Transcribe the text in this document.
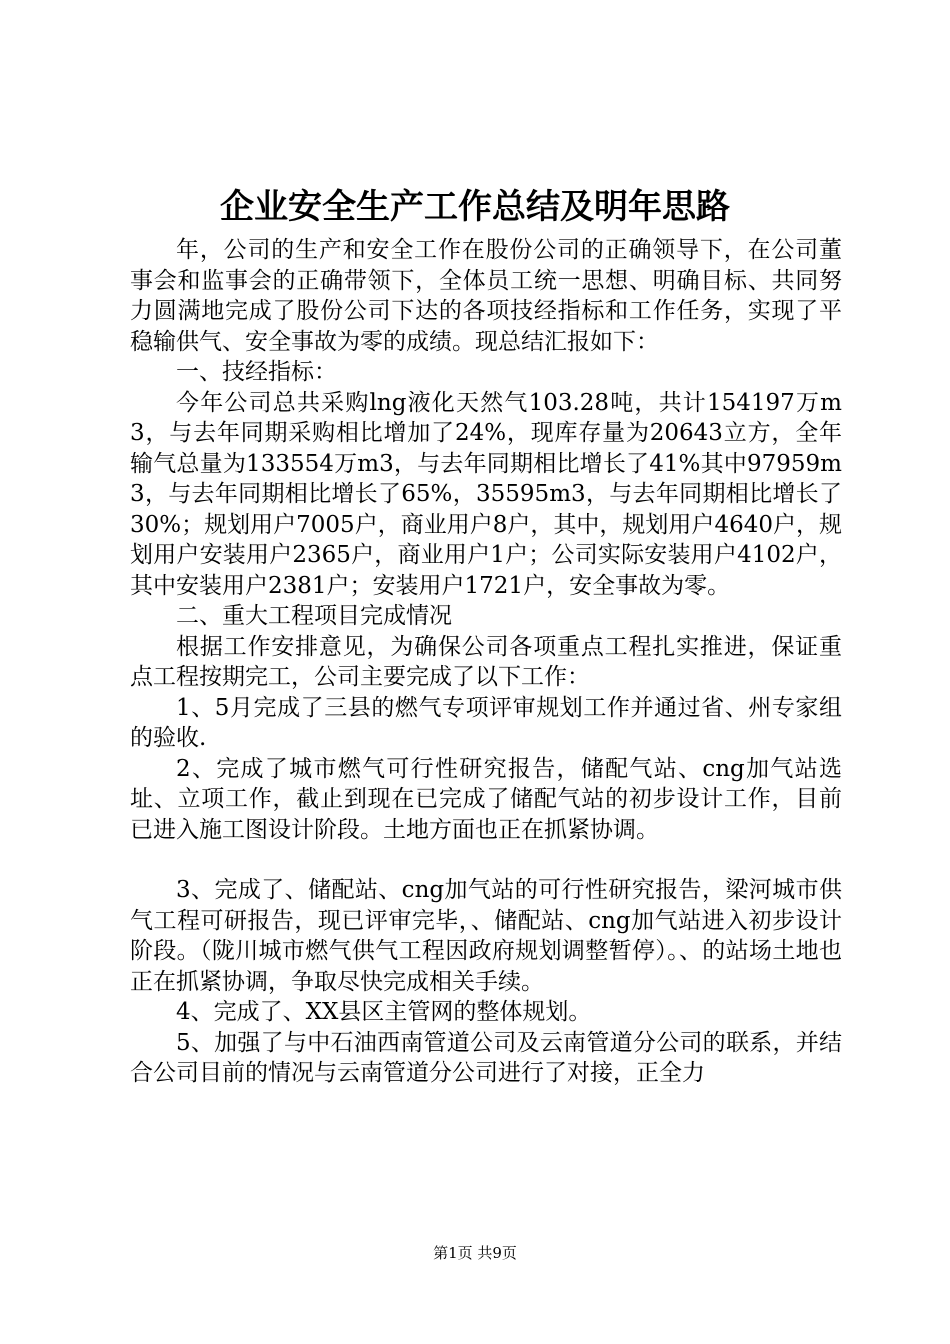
企业安全生产工作总结及明年思路

年，公司的生产和安全工作在股份公司的正确领导下，在公司董事会和监事会的正确带领下，全体员工统一思想、明确目标、共同努力圆满地完成了股份公司下达的各项技经指标和工作任务，实现了平稳输供气、安全事故为零的成绩。现总结汇报如下：

一、技经指标：

今年公司总共采购lng液化天然气103.28吨，共计154197万m3，与去年同期采购相比增加了24%，现库存量为20643立方，全年输气总量为133554万m3，与去年同期相比增长了41%其中97959m3，与去年同期相比增长了65%，35595m3，与去年同期相比增长了30%；规划用户7005户，商业用户8户，其中，规划用户4640户，规划用户安装用户2365户，商业用户1户；公司实际安装用户4102户，其中安装用户2381户；安装用户1721户，安全事故为零。

二、重大工程项目完成情况

根据工作安排意见，为确保公司各项重点工程扎实推进，保证重点工程按期完工，公司主要完成了以下工作：

1、5月完成了三县的燃气专项评审规划工作并通过省、州专家组的验收.

2、完成了城市燃气可行性研究报告，储配气站、cng加气站选址、立项工作，截止到现在已完成了储配气站的初步设计工作，目前已进入施工图设计阶段。土地方面也正在抓紧协调。

3、完成了、储配站、cng加气站的可行性研究报告，梁河城市供气工程可研报告，现已评审完毕，、储配站、cng加气站进入初步设计阶段。（陇川城市燃气供气工程因政府规划调整暂停）。、的站场土地也正在抓紧协调，争取尽快完成相关手续。

4、完成了、XX县区主管网的整体规划。

5、加强了与中石油西南管道公司及云南管道分公司的联系，并结合公司目前的情况与云南管道分公司进行了对接，正全力

第1页 共9页
